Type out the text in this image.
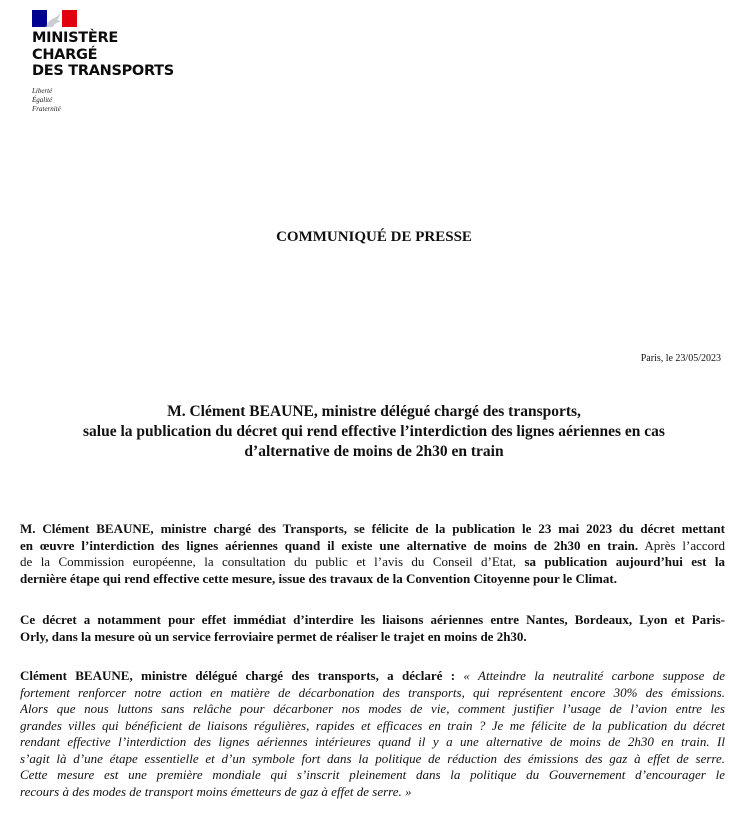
MINISTÈRE
CHARGÉ
DES TRANSPORTS
Liberté
Égalité
Fraternité
COMMUNIQUÉ DE PRESSE
Paris, le 23/05/2023
M. Clément BEAUNE, ministre délégué chargé des transports,
salue la publication du décret qui rend effective l’interdiction des lignes aériennes en cas
d’alternative de moins de 2h30 en train
M. Clément BEAUNE, ministre chargé des Transports, se félicite de la publication le 23 mai 2023 du décret mettant
en œuvre l’interdiction des lignes aériennes quand il existe une alternative de moins de 2h30 en train. Après l’accord
de la Commission européenne, la consultation du public et l’avis du Conseil d’Etat, sa publication aujourd’hui est la
dernière étape qui rend effective cette mesure, issue des travaux de la Convention Citoyenne pour le Climat.
Ce décret a notamment pour effet immédiat d’interdire les liaisons aériennes entre Nantes, Bordeaux, Lyon et Paris-
Orly, dans la mesure où un service ferroviaire permet de réaliser le trajet en moins de 2h30.
Clément BEAUNE, ministre délégué chargé des transports, a déclaré : « Atteindre la neutralité carbone suppose de
fortement renforcer notre action en matière de décarbonation des transports, qui représentent encore 30% des émissions.
Alors que nous luttons sans relâche pour décarboner nos modes de vie, comment justifier l’usage de l’avion entre les
grandes villes qui bénéficient de liaisons régulières, rapides et efficaces en train ? Je me félicite de la publication du décret
rendant effective l’interdiction des lignes aériennes intérieures quand il y a une alternative de moins de 2h30 en train. Il
s’agit là d’une étape essentielle et d’un symbole fort dans la politique de réduction des émissions des gaz à effet de serre.
Cette mesure est une première mondiale qui s’inscrit pleinement dans la politique du Gouvernement d’encourager le
recours à des modes de transport moins émetteurs de gaz à effet de serre. »
